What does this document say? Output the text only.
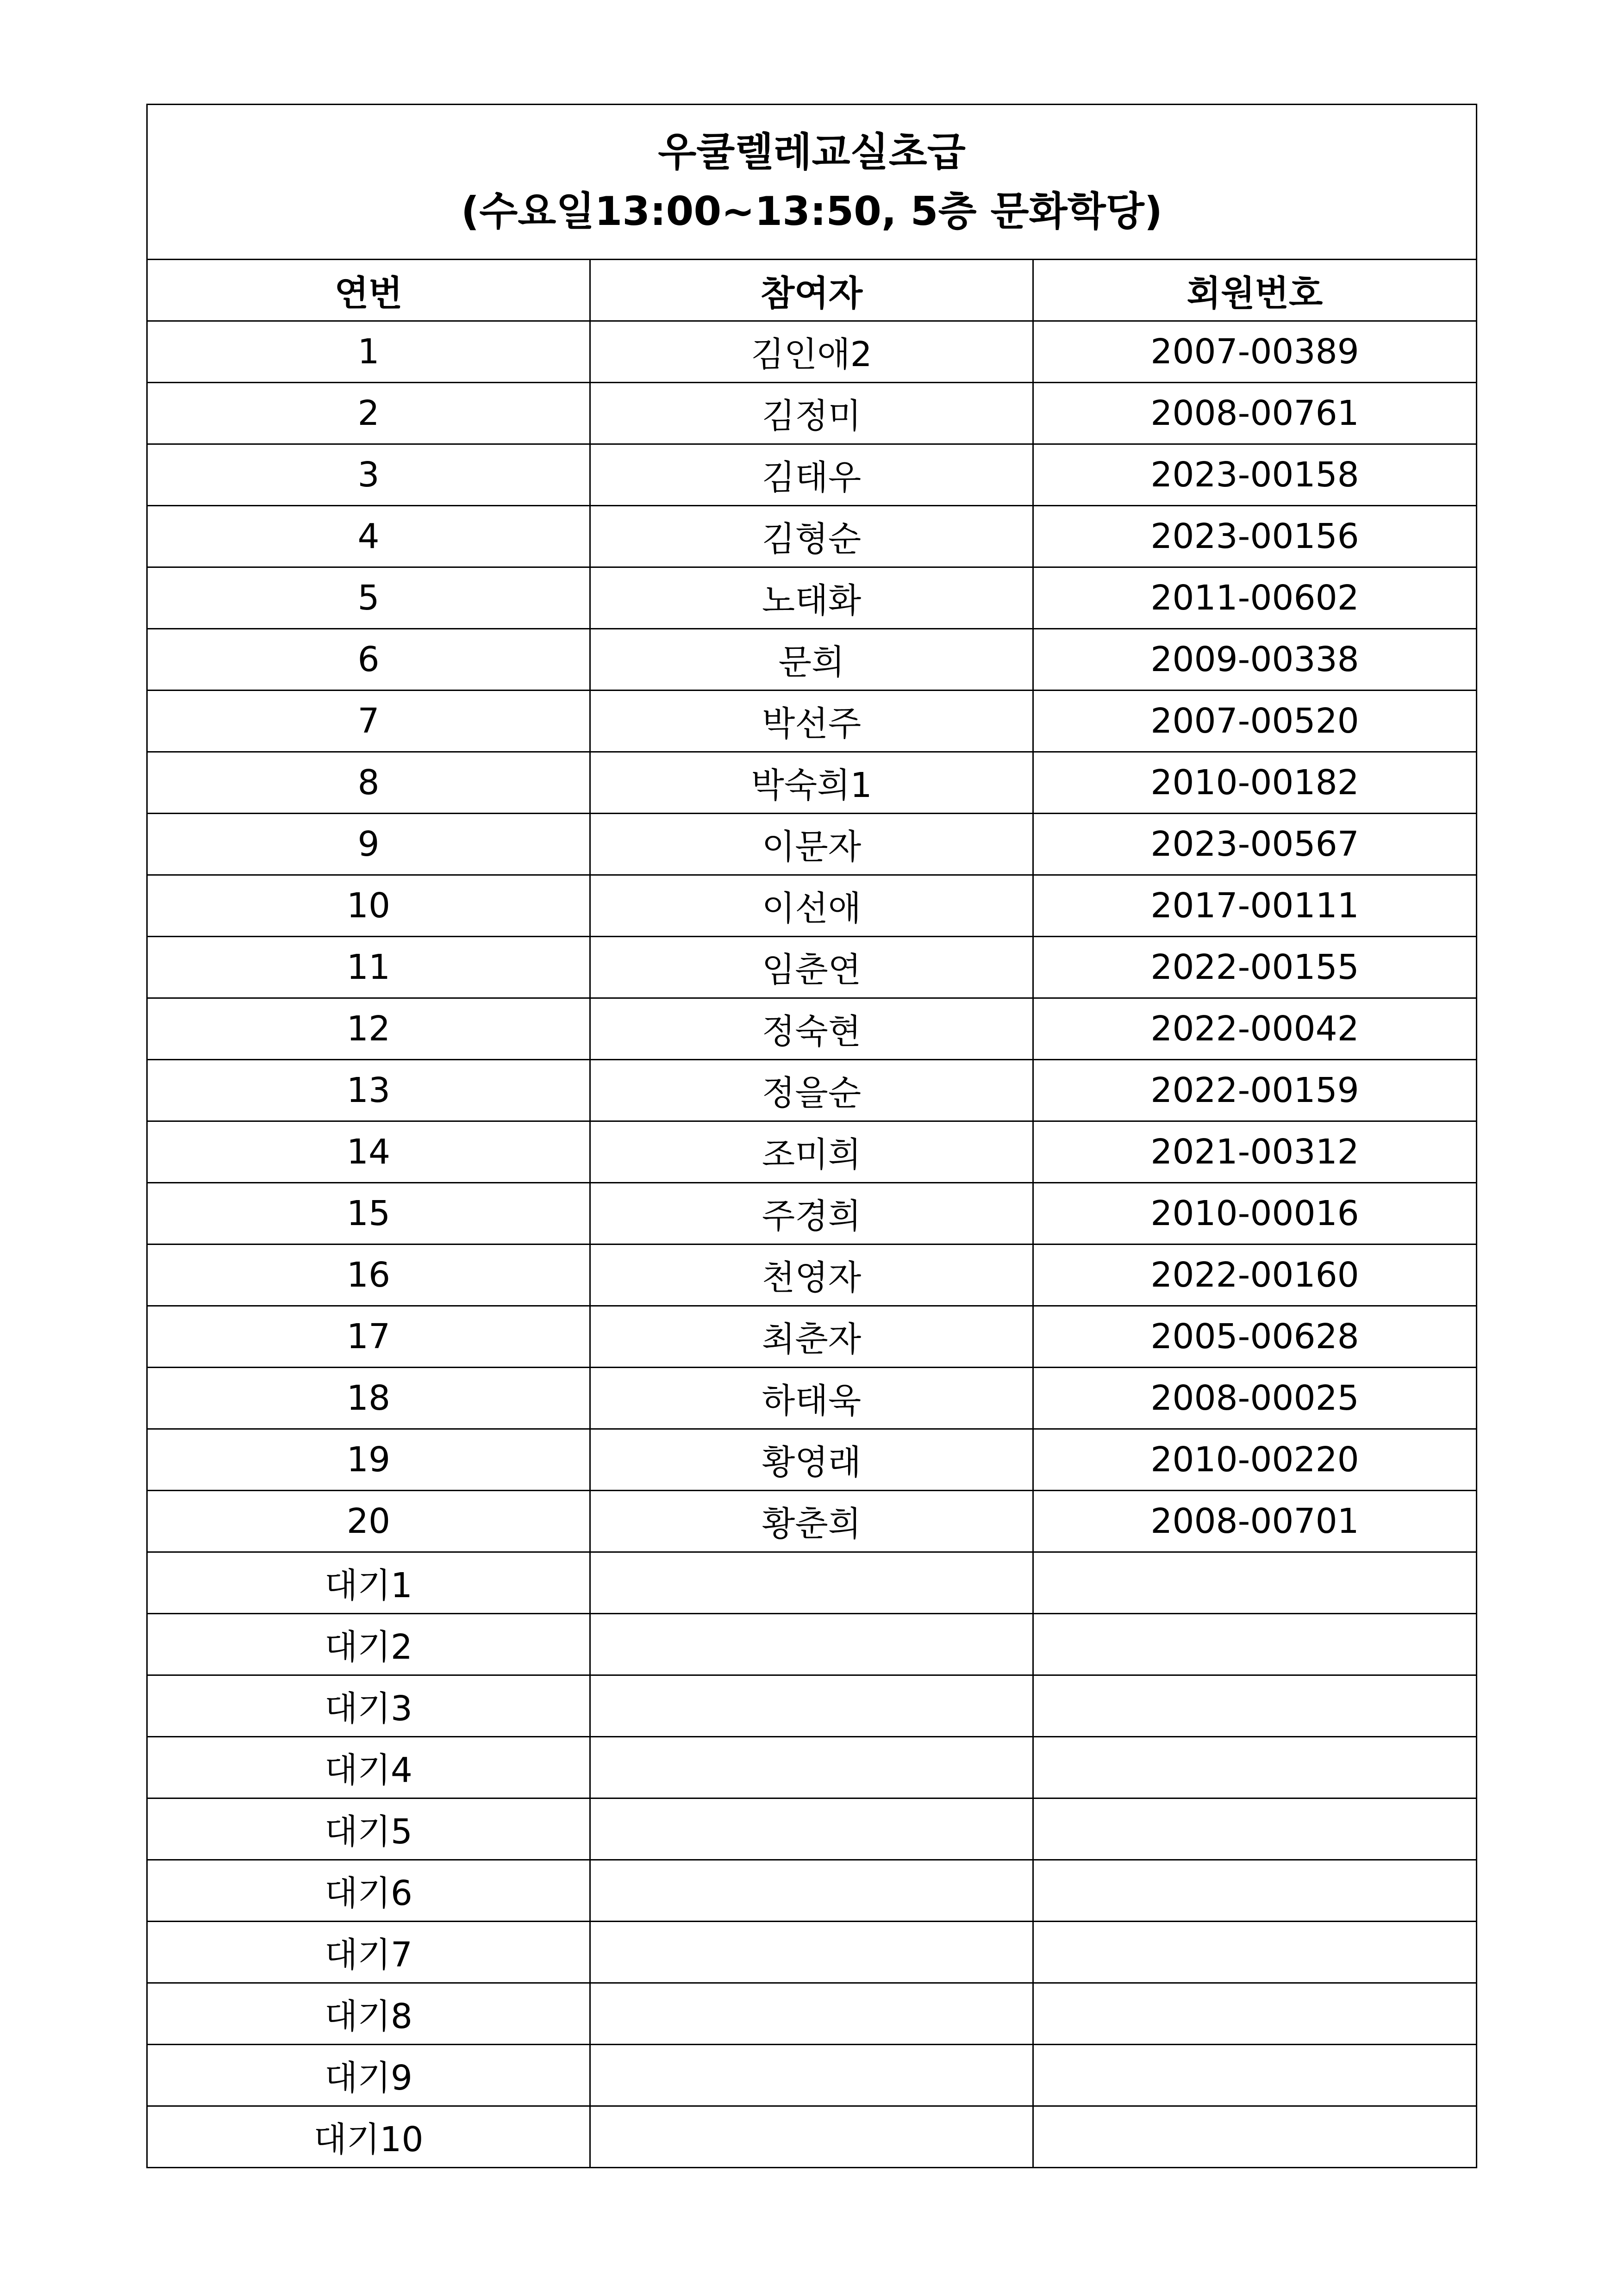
우쿨렐레교실초급
(수요일13:00~13:50, 5층 문화학당)		

연번	참여자	회원번호
1	김인애2	2007-00389
2	김정미	2008-00761
3	김태우	2023-00158
4	김형순	2023-00156
5	노태화	2011-00602
6	문희	2009-00338
7	박선주	2007-00520
8	박숙희1	2010-00182
9	이문자	2023-00567
10	이선애	2017-00111
11	임춘연	2022-00155
12	정숙현	2022-00042
13	정을순	2022-00159
14	조미희	2021-00312
15	주경희	2010-00016
16	천영자	2022-00160
17	최춘자	2005-00628
18	하태욱	2008-00025
19	황영래	2010-00220
20	황춘희	2008-00701
대기1		
대기2		
대기3		
대기4		
대기5		
대기6		
대기7		
대기8		
대기9		
대기10		
